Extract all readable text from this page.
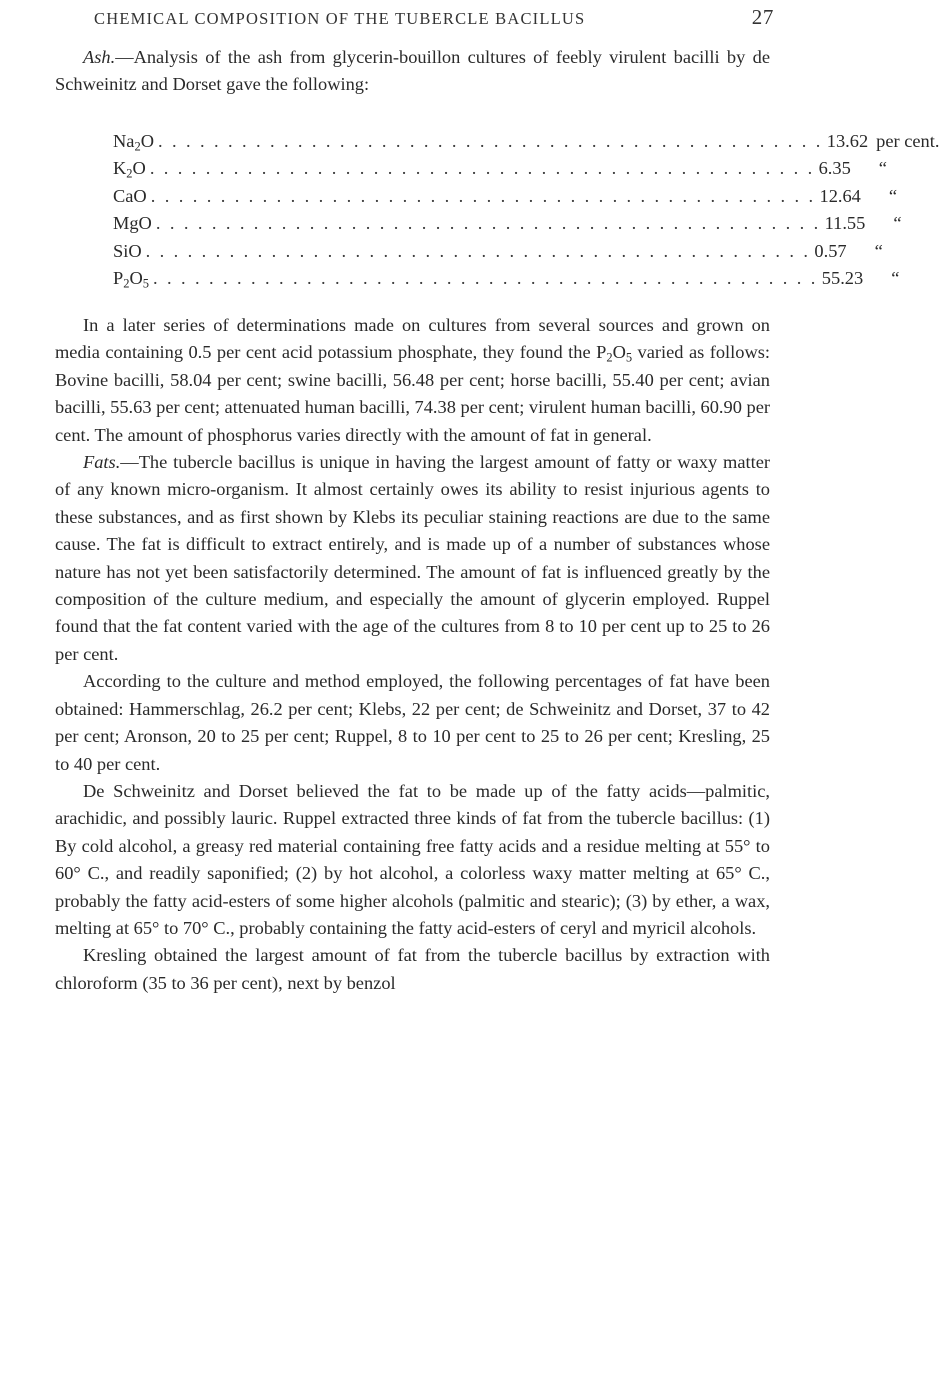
CHEMICAL COMPOSITION OF THE TUBERCLE BACILLUS	27

Ash.—Analysis of the ash from glycerin-bouillon cultures of feebly virulent bacilli by de Schweinitz and Dorset gave the following:

$Na_2O$ . . . . . . . . . . . . . . . . . . . . . . . . . . . . . . . . . . . . . . . . . . . . . . . . 13.62 per cent.
$K_2O$ . . . . . . . . . . . . . . . . . . . . . . . . . . . . . . . . . . . . . . . . . . . . . . . . 6.35	“
CaO . . . . . . . . . . . . . . . . . . . . . . . . . . . . . . . . . . . . . . . . . . . . . . . . 12.64	“
MgO . . . . . . . . . . . . . . . . . . . . . . . . . . . . . . . . . . . . . . . . . . . . . . . . 11.55	“
SiO . . . . . . . . . . . . . . . . . . . . . . . . . . . . . . . . . . . . . . . . . . . . . . . . 0.57	“
$P_2O_5$ . . . . . . . . . . . . . . . . . . . . . . . . . . . . . . . . . . . . . . . . . . . . . . . . 55.23	“

In a later series of determinations made on cultures from several sources and grown on media containing 0.5 per cent acid potassium phosphate, they found the $P_2O_5$ varied as follows: Bovine bacilli, 58.04 per cent; swine bacilli, 56.48 per cent; horse bacilli, 55.40 per cent; avian bacilli, 55.63 per cent; attenuated human bacilli, 74.38 per cent; virulent human bacilli, 60.90 per cent. The amount of phosphorus varies directly with the amount of fat in general.

Fats.—The tubercle bacillus is unique in having the largest amount of fatty or waxy matter of any known micro-organism. It almost certainly owes its ability to resist injurious agents to these substances, and as first shown by Klebs its peculiar staining reactions are due to the same cause. The fat is difficult to extract entirely, and is made up of a number of substances whose nature has not yet been satisfactorily determined. The amount of fat is influenced greatly by the composition of the culture medium, and especially the amount of glycerin employed. Ruppel found that the fat content varied with the age of the cultures from 8 to 10 per cent up to 25 to 26 per cent.

According to the culture and method employed, the following percentages of fat have been obtained: Hammerschlag, 26.2 per cent; Klebs, 22 per cent; de Schweinitz and Dorset, 37 to 42 per cent; Aronson, 20 to 25 per cent; Ruppel, 8 to 10 per cent to 25 to 26 per cent; Kresling, 25 to 40 per cent.

De Schweinitz and Dorset believed the fat to be made up of the fatty acids—palmitic, arachidic, and possibly lauric. Ruppel extracted three kinds of fat from the tubercle bacillus: (1) By cold alcohol, a greasy red material containing free fatty acids and a residue melting at 55° to 60° C., and readily saponified; (2) by hot alcohol, a colorless waxy matter melting at 65° C., probably the fatty acid-esters of some higher alcohols (palmitic and stearic); (3) by ether, a wax, melting at 65° to 70° C., probably containing the fatty acid-esters of ceryl and myricil alcohols.

Kresling obtained the largest amount of fat from the tubercle bacillus by extraction with chloroform (35 to 36 per cent), next by benzol
